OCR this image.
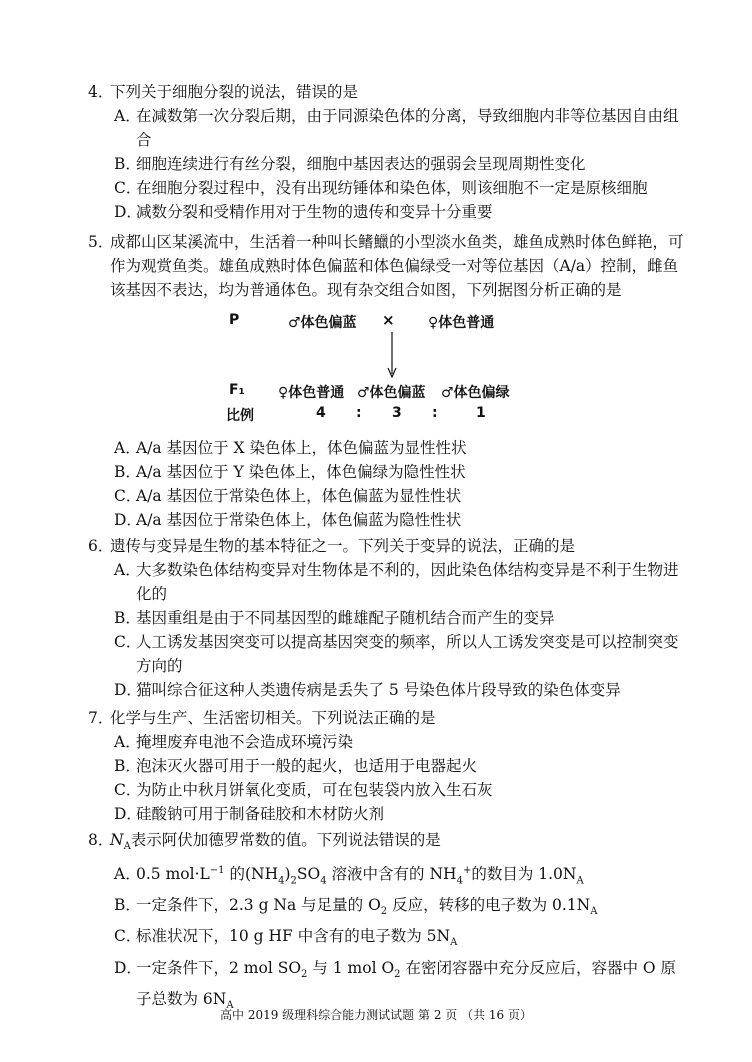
4．下列关于细胞分裂的说法，错误的是

A．在减数第一次分裂后期，由于同源染色体的分离，导致细胞内非等位基因自由组合

B．细胞连续进行有丝分裂，细胞中基因表达的强弱会呈现周期性变化

C．在细胞分裂过程中，没有出现纺锤体和染色体，则该细胞不一定是原核细胞

D．减数分裂和受精作用对于生物的遗传和变异十分重要

5．成都山区某溪流中，生活着一种叫长鳍鱲的小型淡水鱼类，雄鱼成熟时体色鲜艳，可作为观赏鱼类。雄鱼成熟时体色偏蓝和体色偏绿受一对等位基因（A/a）控制，雌鱼该基因不表达，均为普通体色。现有杂交组合如图，下列据图分析正确的是

P	♂体色偏蓝 × ♀体色普通
F₁ ♀体色普通 ♂体色偏蓝 ♂体色偏绿
比例	4 : 3 :	1

A．A/a 基因位于 X 染色体上，体色偏蓝为显性性状

B．A/a 基因位于 Y 染色体上，体色偏绿为隐性性状

C．A/a 基因位于常染色体上，体色偏蓝为显性性状

D．A/a 基因位于常染色体上，体色偏蓝为隐性性状

6．遗传与变异是生物的基本特征之一。下列关于变异的说法，正确的是

A．大多数染色体结构变异对生物体是不利的，因此染色体结构变异是不利于生物进化的

B．基因重组是由于不同基因型的雌雄配子随机结合而产生的变异

C．人工诱发基因突变可以提高基因突变的频率，所以人工诱发突变是可以控制突变方向的

D．猫叫综合征这种人类遗传病是丢失了 5 号染色体片段导致的染色体变异

7．化学与生产、生活密切相关。下列说法正确的是

A．掩埋废弃电池不会造成环境污染

B．泡沫灭火器可用于一般的起火，也适用于电器起火

C．为防止中秋月饼氧化变质，可在包装袋内放入生石灰

D．硅酸钠可用于制备硅胶和木材防火剂

8．$N_A$表示阿伏加德罗常数的值。下列说法错误的是

A．0.5 $mol\cdot L^{-1}$ 的$(NH_4)_2SO_4$ 溶液中含有的 $NH_4^+$的数目为 $1.0N_A$

B．一定条件下，2.3 g Na 与足量的 $O_2$ 反应，转移的电子数为 $0.1N_A$

C．标准状况下，10 g HF 中含有的电子数为 $5N_A$

D．一定条件下，2 mol $SO_2$ 与 1 mol $O_2$ 在密闭容器中充分反应后，容器中 O 原子总数为 $6N_A$

高中 2019 级理科综合能力测试试题 第 2 页 （共 16 页）
